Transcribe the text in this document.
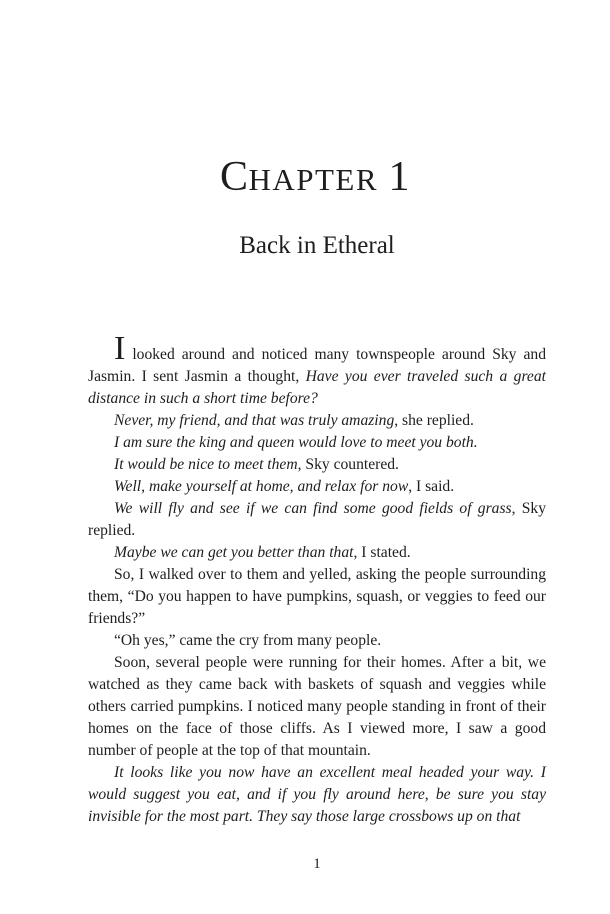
CHAPTER 1
Back in Etheral

I looked around and noticed many townspeople around Sky and Jasmin. I sent Jasmin a thought, Have you ever traveled such a great distance in such a short time before?

Never, my friend, and that was truly amazing, she replied.

I am sure the king and queen would love to meet you both.

It would be nice to meet them, Sky countered.

Well, make yourself at home, and relax for now, I said.

We will fly and see if we can find some good fields of grass, Sky replied.

Maybe we can get you better than that, I stated.

So, I walked over to them and yelled, asking the people surrounding them, “Do you happen to have pumpkins, squash, or veggies to feed our friends?”

“Oh yes,” came the cry from many people.

Soon, several people were running for their homes. After a bit, we watched as they came back with baskets of squash and veggies while others carried pumpkins. I noticed many people standing in front of their homes on the face of those cliffs. As I viewed more, I saw a good number of people at the top of that mountain.

It looks like you now have an excellent meal headed your way. I would suggest you eat, and if you fly around here, be sure you stay invisible for the most part. They say those large crossbows up on that

1
